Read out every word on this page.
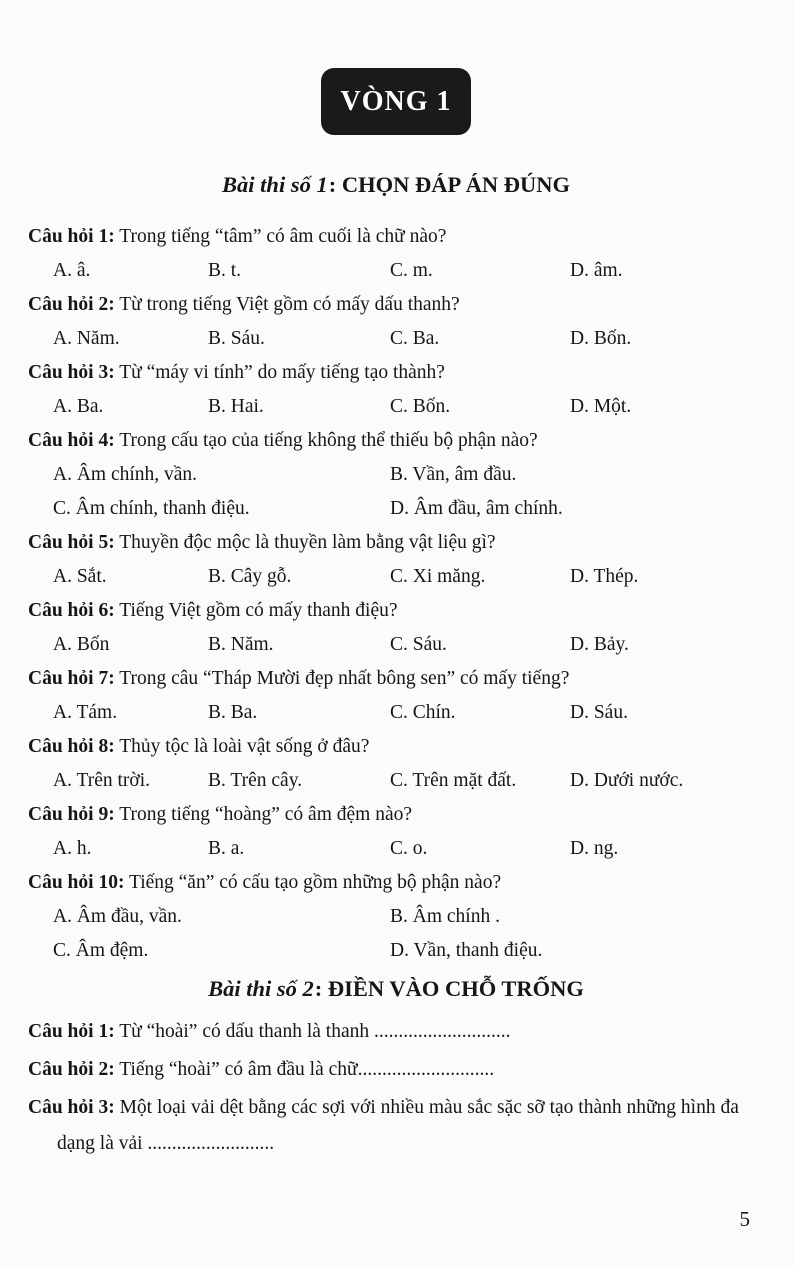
VÒNG 1
Bài thi số 1: CHỌN ĐÁP ÁN ĐÚNG

Câu hỏi 1: Trong tiếng “tâm” có âm cuối là chữ nào?

A. â.	B. t.	C. m.	D. âm.

Câu hỏi 2: Từ trong tiếng Việt gồm có mấy dấu thanh?

A. Năm.	B. Sáu.	C. Ba.	D. Bốn.

Câu hỏi 3: Từ “máy vi tính” do mấy tiếng tạo thành?

A. Ba.	B. Hai.	C. Bốn.	D. Một.

Câu hỏi 4: Trong cấu tạo của tiếng không thể thiếu bộ phận nào?

A. Âm chính, vần.	B. Vần, âm đầu.
C. Âm chính, thanh điệu.	D. Âm đầu, âm chính.

Câu hỏi 5: Thuyền độc mộc là thuyền làm bằng vật liệu gì?

A. Sắt.	B. Cây gỗ.	C. Xi măng.	D. Thép.

Câu hỏi 6: Tiếng Việt gồm có mấy thanh điệu?

A. Bốn	B. Năm.	C. Sáu.	D. Bảy.

Câu hỏi 7: Trong câu “Tháp Mười đẹp nhất bông sen” có mấy tiếng?

A. Tám.	B. Ba.	C. Chín.	D. Sáu.

Câu hỏi 8: Thủy tộc là loài vật sống ở đâu?

A. Trên trời.	B. Trên cây.	C. Trên mặt đất.	D. Dưới nước.

Câu hỏi 9: Trong tiếng “hoàng” có âm đệm nào?

A. h.	B. a.	C. o.	D. ng.

Câu hỏi 10: Tiếng “ăn” có cấu tạo gồm những bộ phận nào?

A. Âm đầu, vần.	B. Âm chính .
C. Âm đệm.	D. Vần, thanh điệu.
Bài thi số 2: ĐIỀN VÀO CHỖ TRỐNG

Câu hỏi 1: Từ “hoài” có dấu thanh là thanh ............................

Câu hỏi 2: Tiếng “hoài” có âm đầu là chữ............................

Câu hỏi 3: Một loại vải dệt bằng các sợi với nhiều màu sắc sặc sỡ tạo thành những hình đa dạng là vải ..........................

5
